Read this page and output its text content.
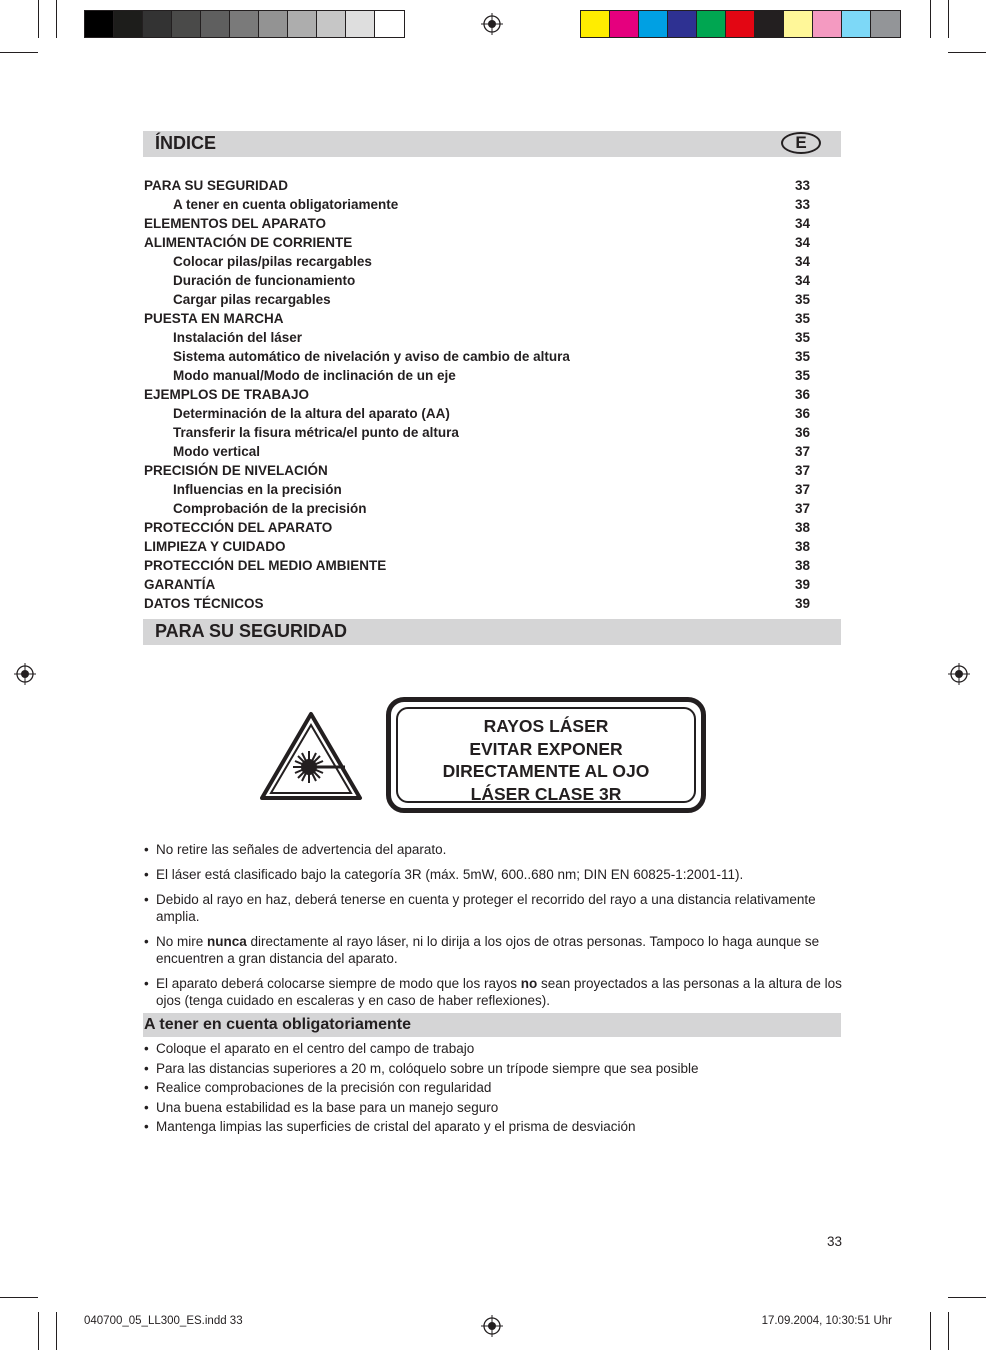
ÍNDICE	E
PARA SU SEGURIDAD	33
A tener en cuenta obligatoriamente	33
ELEMENTOS DEL APARATO	34
ALIMENTACIÓN DE CORRIENTE	34
Colocar pilas/pilas recargables	34
Duración de funcionamiento	34
Cargar pilas recargables	35
PUESTA EN MARCHA	35
Instalación del láser	35
Sistema automático de nivelación y aviso de cambio de altura	35
Modo manual/Modo de inclinación de un eje	35
EJEMPLOS DE TRABAJO	36
Determinación de la altura del aparato (AA)	36
Transferir la fisura métrica/el punto de altura	36
Modo vertical	37
PRECISIÓN DE NIVELACIÓN	37
Influencias en la precisión	37
Comprobación de la precisión	37
PROTECCIÓN DEL APARATO	38
LIMPIEZA Y CUIDADO	38
PROTECCIÓN DEL MEDIO AMBIENTE	38
GARANTÍA	39
DATOS TÉCNICOS	39
PARA SU SEGURIDAD
RAYOS LÁSER
EVITAR EXPONER
DIRECTAMENTE AL OJO
LÁSER CLASE 3R
• No retire las señales de advertencia del aparato.
• El láser está clasificado bajo la categoría 3R (máx. 5mW, 600..680 nm; DIN EN 60825-1:2001-11).
• Debido al rayo en haz, deberá tenerse en cuenta y proteger el recorrido del rayo a una distancia relativamente amplia.
• No mire nunca directamente al rayo láser, ni lo dirija a los ojos de otras personas. Tampoco lo haga aunque se encuentren a gran distancia del aparato.
• El aparato deberá colocarse siempre de modo que los rayos no sean proyectados a las personas a la altura de los ojos (tenga cuidado en escaleras y en caso de haber reflexiones).
A tener en cuenta obligatoriamente
• Coloque el aparato en el centro del campo de trabajo
• Para las distancias superiores a 20 m, colóquelo sobre un trípode siempre que sea posible
• Realice comprobaciones de la precisión con regularidad
• Una buena estabilidad es la base para un manejo seguro
• Mantenga limpias las superficies de cristal del aparato y el prisma de desviación
33
040700_05_LL300_ES.indd 33	17.09.2004, 10:30:51 Uhr
